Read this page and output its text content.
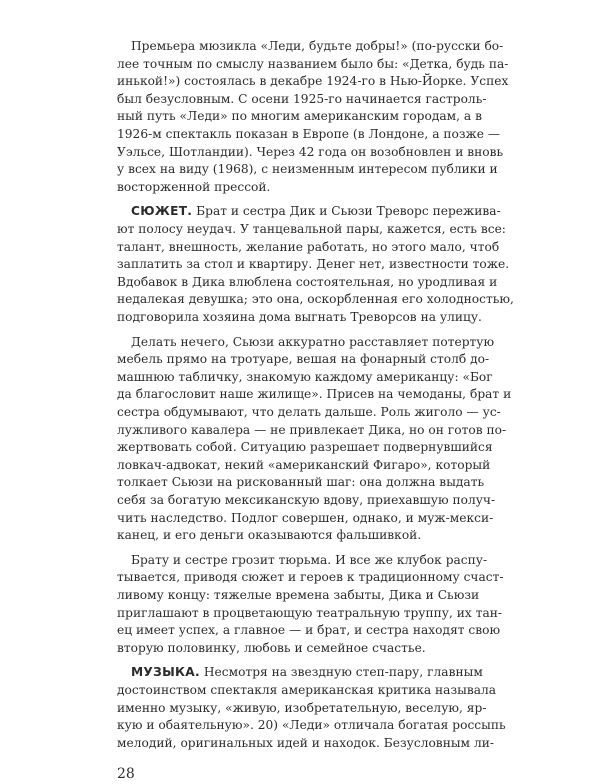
Премьера мюзикла «Леди, будьте добры!» (по-русски бо-
лее точным по смыслу названием было бы: «Детка, будь па-
инькой!») состоялась в декабре 1924-го в Нью-Йорке. Успех
был безусловным. С осени 1925-го начинается гастроль-
ный путь «Леди» по многим американским городам, а в
1926-м спектакль показан в Европе (в Лондоне, а позже —
Уэльсе, Шотландии). Через 42 года он возобновлен и вновь
у всех на виду (1968), с неизменным интересом публики и
восторженной прессой.
СЮЖЕТ. Брат и сестра Дик и Сьюзи Треворс пережива-
ют полосу неудач. У танцевальной пары, кажется, есть все:
талант, внешность, желание работать, но этого мало, чтоб
заплатить за стол и квартиру. Денег нет, известности тоже.
Вдобавок в Дика влюблена состоятельная, но уродливая и
недалекая девушка; это она, оскорбленная его холодностью,
подговорила хозяина дома выгнать Треворсов на улицу.
Делать нечего, Сьюзи аккуратно расставляет потертую
мебель прямо на тротуаре, вешая на фонарный столб до-
машнюю табличку, знакомую каждому американцу: «Бог
да благословит наше жилище». Присев на чемоданы, брат и
сестра обдумывают, что делать дальше. Роль жиголо — ус-
лужливого кавалера — не привлекает Дика, но он готов по-
жертвовать собой. Ситуацию разрешает подвернувшийся
ловкач-адвокат, некий «американский Фигаро», который
толкает Сьюзи на рискованный шаг: она должна выдать
себя за богатую мексиканскую вдову, приехавшую получ-
чить наследство. Подлог совершен, однако, и муж-мекси-
канец, и его деньги оказываются фальшивкой.
Брату и сестре грозит тюрьма. И все же клубок распу-
тывается, приводя сюжет и героев к традиционному счаст-
ливому концу: тяжелые времена забыты, Дика и Сьюзи
приглашают в процветающую театральную труппу, их тан-
ец имеет успех, а главное — и брат, и сестра находят свою
вторую половинку, любовь и семейное счастье.
МУЗЫКА. Несмотря на звездную степ-пару, главным
достоинством спектакля американская критика называла
именно музыку, «живую, изобретательную, веселую, яр-
кую и обаятельную». 20) «Леди» отличала богатая россыпь
мелодий, оригинальных идей и находок. Безусловным ли-
28
